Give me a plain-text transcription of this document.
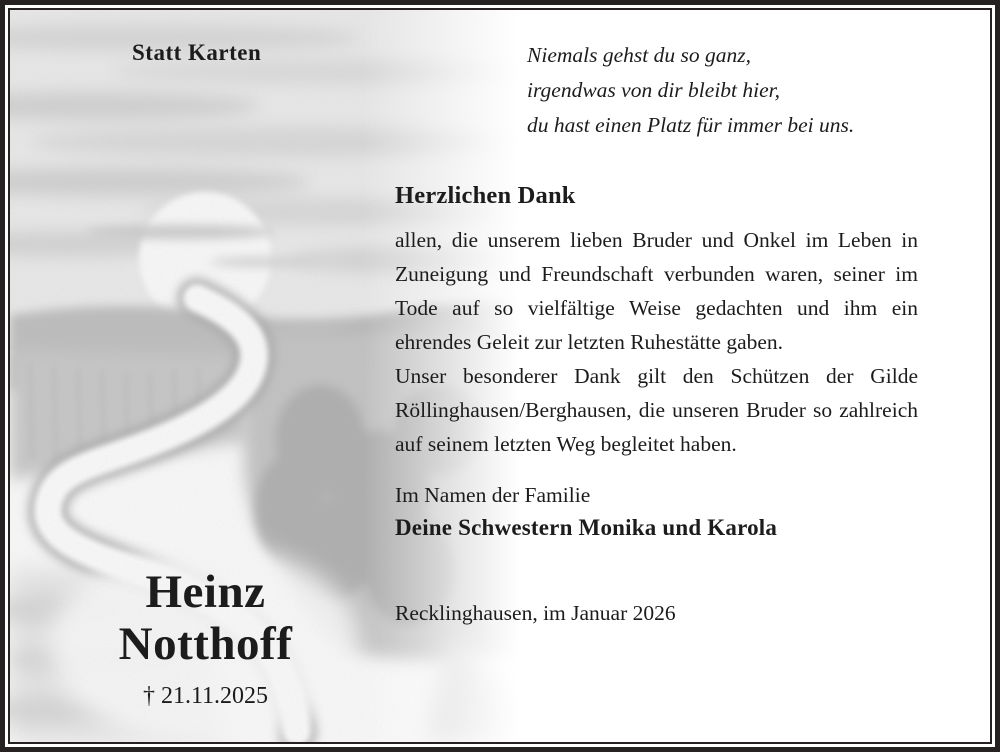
Statt Karten	Niemals gehst du so ganz,
irgendwas von dir bleibt hier,
du hast einen Platz für immer bei uns.
Herzlichen Dank

allen, die unserem lieben Bruder und Onkel im Leben in Zuneigung und Freundschaft verbunden waren, seiner im Tode auf so vielfältige Weise gedachten und ihm ein ehrendes Geleit zur letzten Ruhestätte gaben.

Unser besonderer Dank gilt den Schützen der Gilde Röllinghausen/Berghausen, die unseren Bruder so zahlreich auf seinem letzten Weg begleitet haben.

Im Namen der Familie
Deine Schwestern Monika und Karola
Recklinghausen, im Januar 2026
Heinz
Notthoff
† 21.11.2025
